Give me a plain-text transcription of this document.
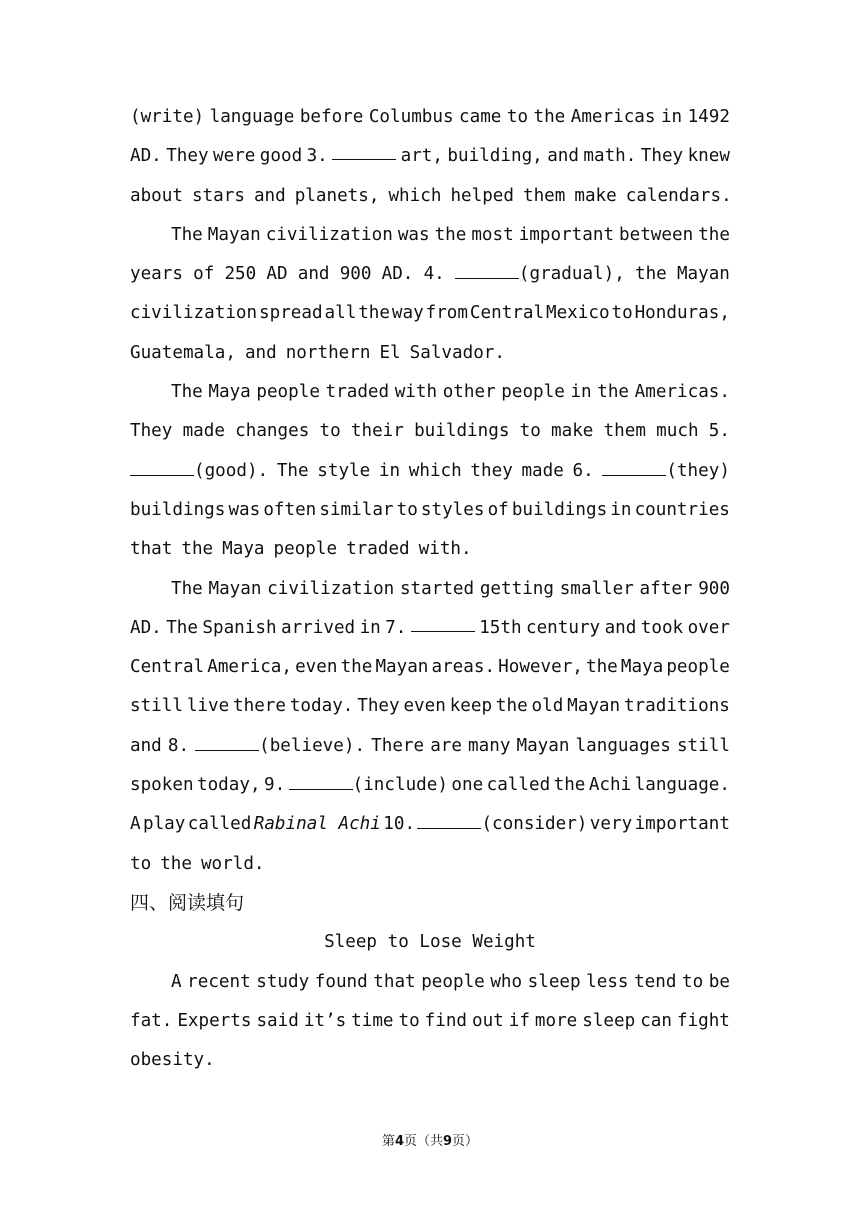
(write) language before Columbus came to the Americas in 1492
AD. They were good 3.	art, building, and math. They knew
about stars and planets, which helped them make calendars.
The Mayan civilization was the most important between the
years of 250 AD and 900 AD. 4.	(gradual), the Mayan
civilization spread all the way from Central Mexico to Honduras,
Guatemala, and northern El Salvador.
The Maya people traded with other people in the Americas.
They made changes to their buildings to make them much 5.
(good). The style in which they made 6.	(they)
buildings was often similar to styles of buildings in countries
that the Maya people traded with.
The Mayan civilization started getting smaller after 900
AD. The Spanish arrived in 7.	15th century and took over
Central America, even the Mayan areas. However, the Maya people
still live there today. They even keep the old Mayan traditions
and 8.	(believe). There are many Mayan languages still
spoken today, 9.	(include) one called the Achi language.
A play called Rabinal Achi 10.	(consider) very important
to the world.
四、阅读填句
Sleep to Lose Weight
A recent study found that people who sleep less tend to be
fat. Experts said it’s time to find out if more sleep can fight
obesity.
第4页（共9页）
